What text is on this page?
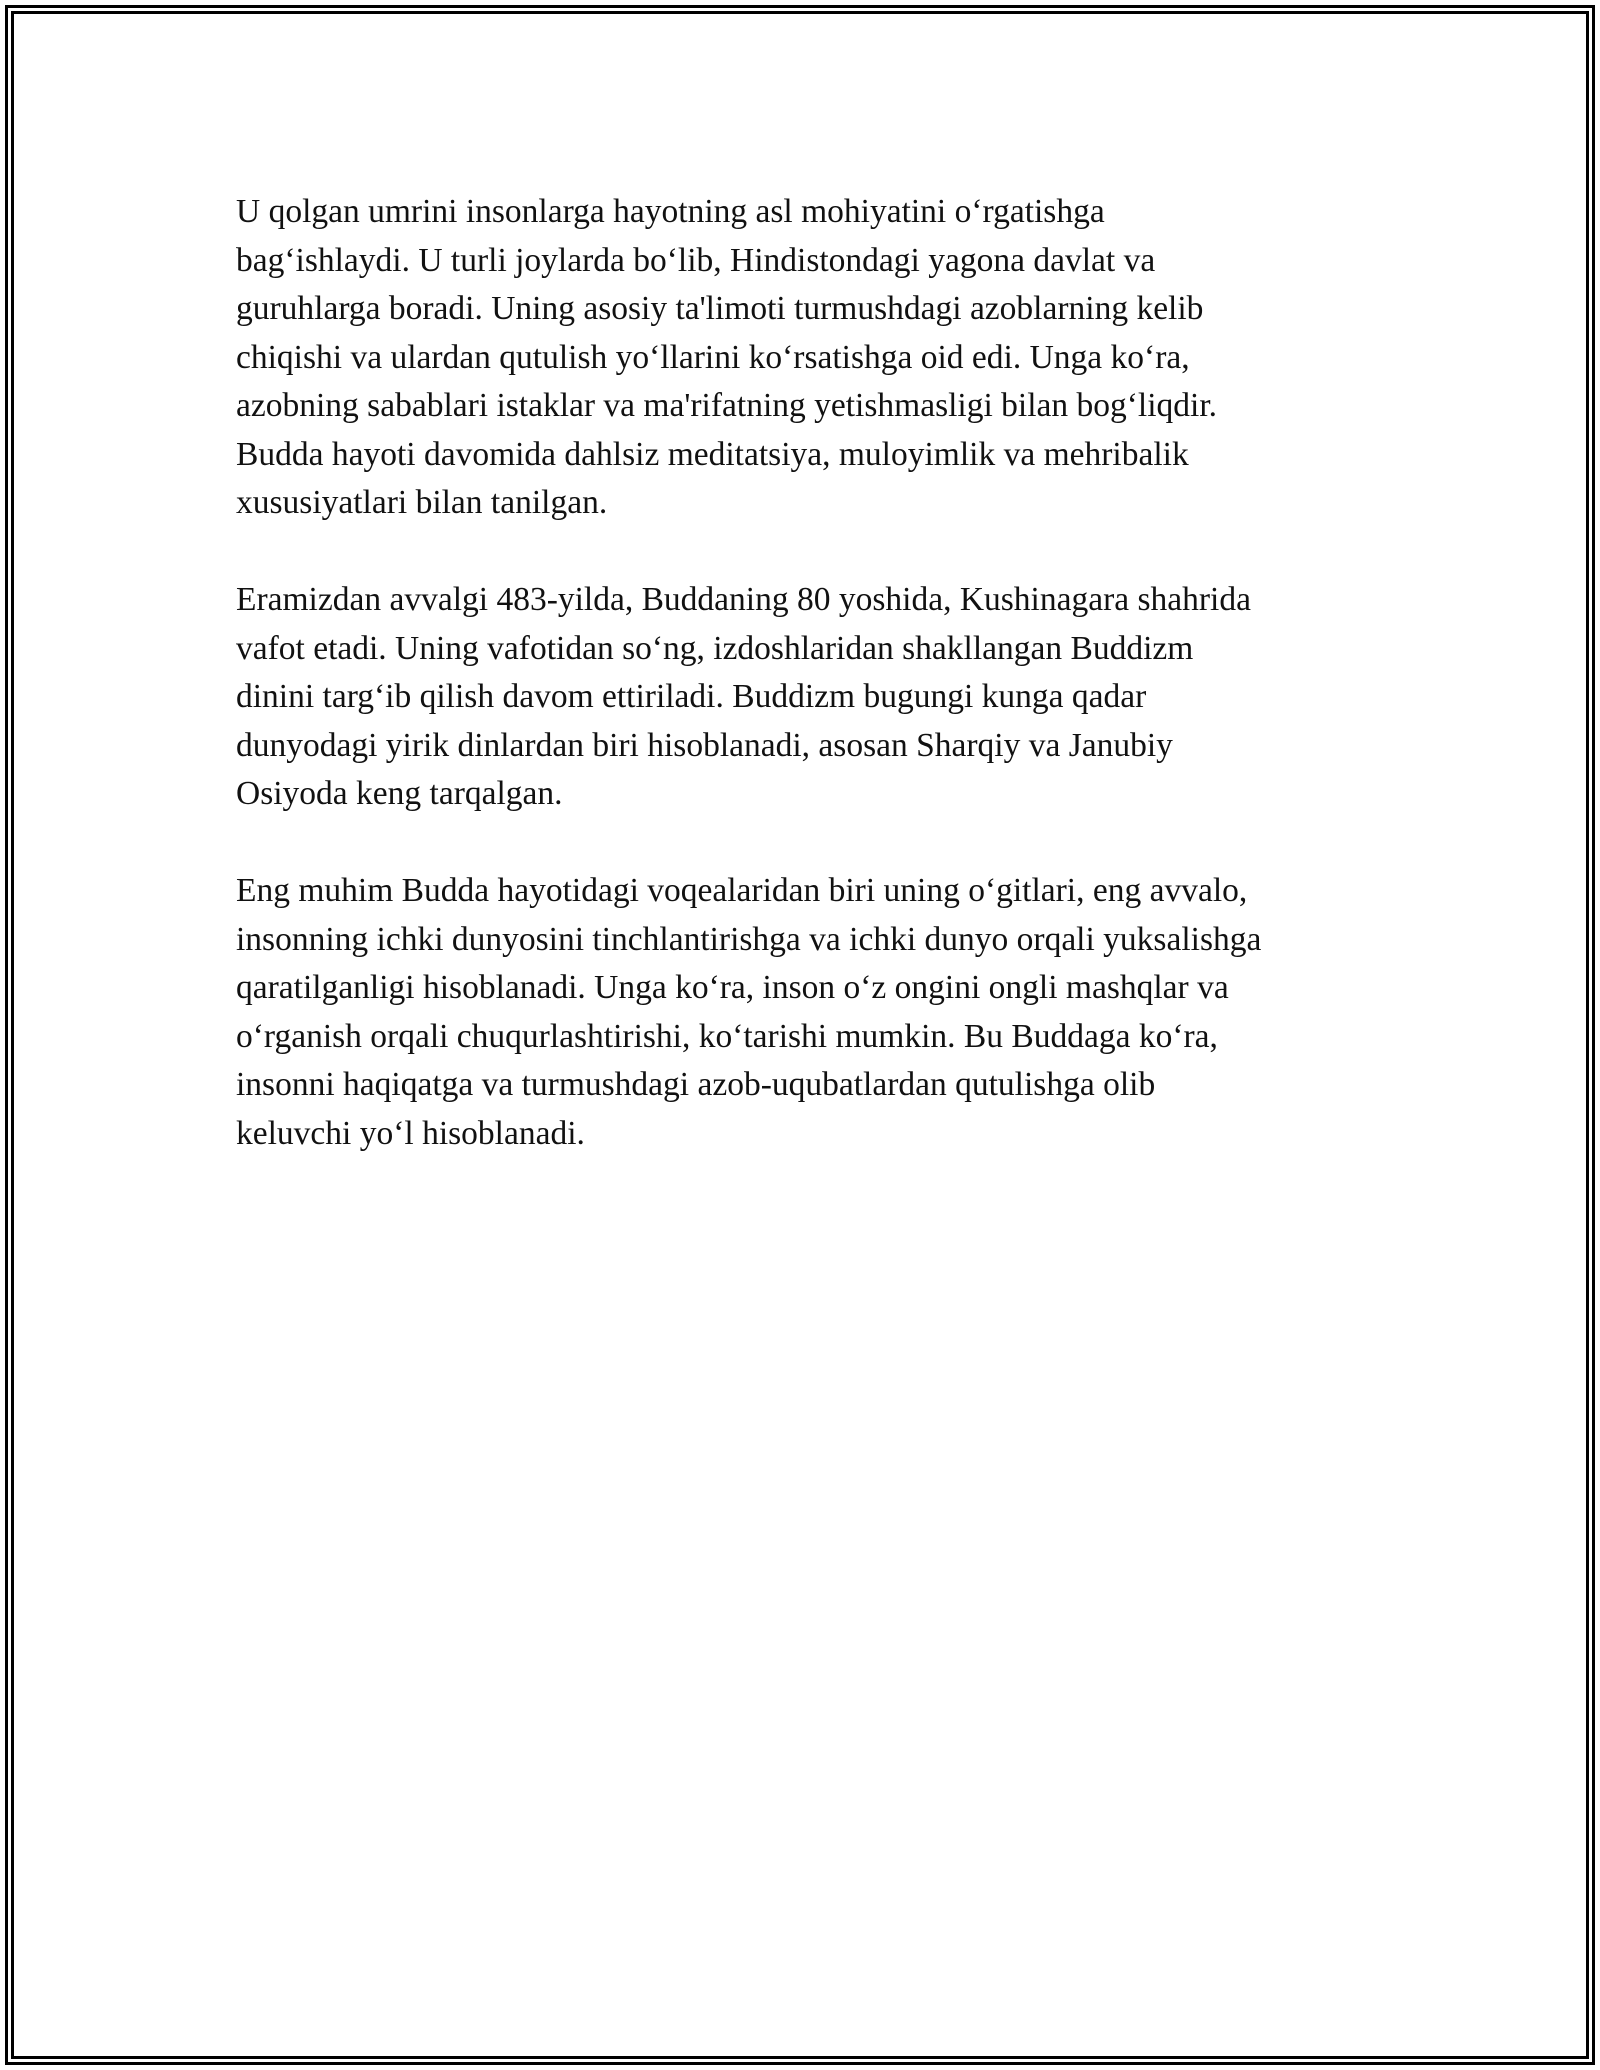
U qolgan umrini insonlarga hayotning asl mohiyatini o‘rgatishga
bag‘ishlaydi. U turli joylarda bo‘lib, Hindistondagi yagona davlat va
guruhlarga boradi. Uning asosiy ta'limoti turmushdagi azoblarning kelib
chiqishi va ulardan qutulish yo‘llarini ko‘rsatishga oid edi. Unga ko‘ra,
azobning sabablari istaklar va ma'rifatning yetishmasligi bilan bog‘liqdir.
Budda hayoti davomida dahlsiz meditatsiya, muloyimlik va mehribalik
xususiyatlari bilan tanilgan.

Eramizdan avvalgi 483-yilda, Buddaning 80 yoshida, Kushinagara shahrida
vafot etadi. Uning vafotidan so‘ng, izdoshlaridan shakllangan Buddizm
dinini targ‘ib qilish davom ettiriladi. Buddizm bugungi kunga qadar
dunyodagi yirik dinlardan biri hisoblanadi, asosan Sharqiy va Janubiy
Osiyoda keng tarqalgan.

Eng muhim Budda hayotidagi voqealaridan biri uning o‘gitlari, eng avvalo,
insonning ichki dunyosini tinchlantirishga va ichki dunyo orqali yuksalishga
qaratilganligi hisoblanadi. Unga ko‘ra, inson o‘z ongini ongli mashqlar va
o‘rganish orqali chuqurlashtirishi, ko‘tarishi mumkin. Bu Buddaga ko‘ra,
insonni haqiqatga va turmushdagi azob-uqubatlardan qutulishga olib
keluvchi yo‘l hisoblanadi.
